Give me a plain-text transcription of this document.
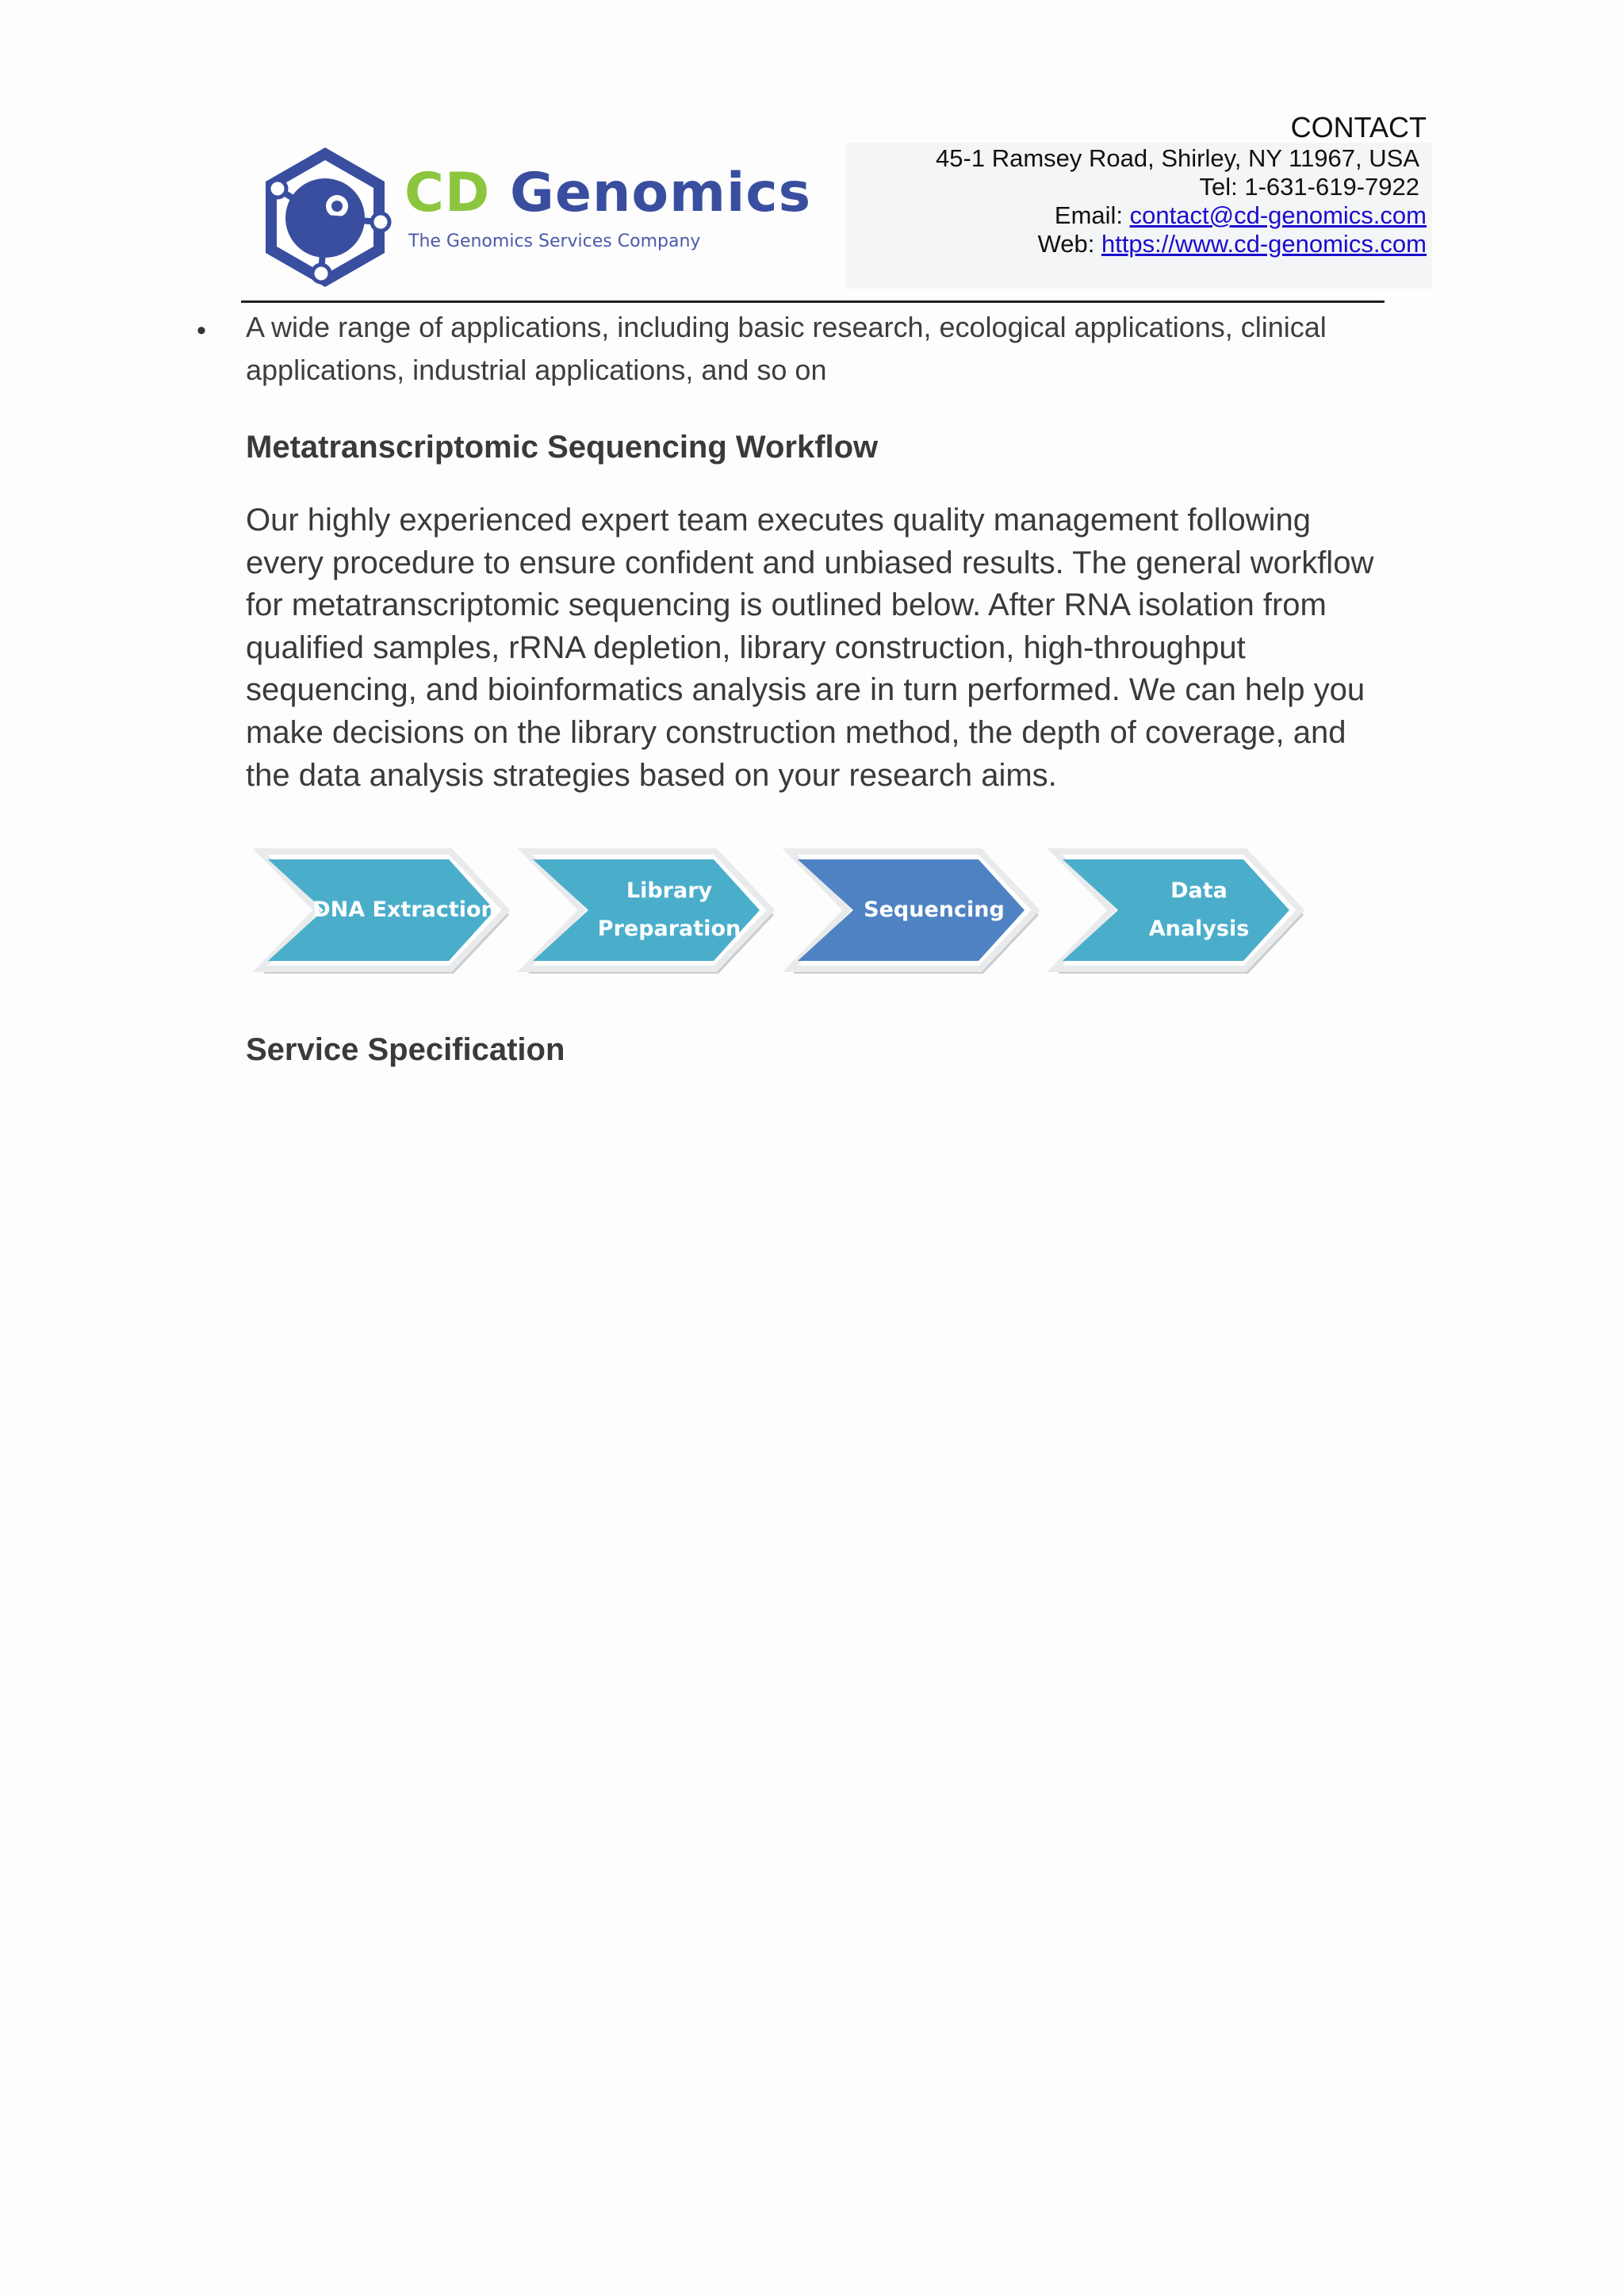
CD Genomics
The Genomics Services Company
CONTACT
45-1 Ramsey Road, Shirley, NY 11967, USA
Tel: 1-631-619-7922
Email: contact@cd-genomics.com
Web: https://www.cd-genomics.com
• A wide range of applications, including basic research, ecological applications, clinical applications, industrial applications, and so on
Metatranscriptomic Sequencing Workflow
Our highly experienced expert team executes quality management following every procedure to ensure confident and unbiased results. The general workflow for metatranscriptomic sequencing is outlined below. After RNA isolation from qualified samples, rRNA depletion, library construction, high-throughput sequencing, and bioinformatics analysis are in turn performed. We can help you make decisions on the library construction method, the depth of coverage, and the data analysis strategies based on your research aims.
DNA Extraction
Library
Preparation
Sequencing
Data
Analysis
Service Specification
